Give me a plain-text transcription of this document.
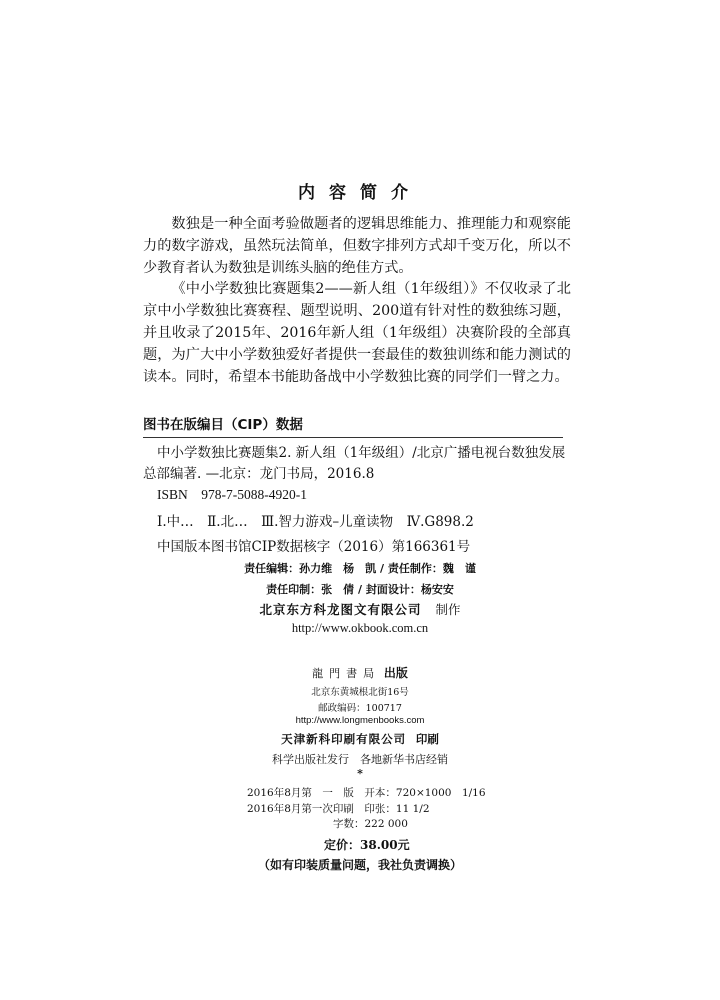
内容简介

数独是一种全面考验做题者的逻辑思维能力、推理能力和观察能力的数字游戏，虽然玩法简单，但数字排列方式却千变万化，所以不少教育者认为数独是训练头脑的绝佳方式。

《中小学数独比赛题集2——新人组（1年级组）》不仅收录了北京中小学数独比赛赛程、题型说明、200道有针对性的数独练习题，并且收录了2015年、2016年新人组（1年级组）决赛阶段的全部真题，为广大中小学数独爱好者提供一套最佳的数独训练和能力测试的读本。同时，希望本书能助备战中小学数独比赛的同学们一臂之力。

图书在版编目（CIP）数据
中小学数独比赛题集2. 新人组（1年级组）/北京广播电视台数独发展
总部编著. —北京：龙门书局，2016.8
ISBN　978-7-5088-4920-1
Ⅰ.中…　Ⅱ.北…　Ⅲ.智力游戏–儿童读物　Ⅳ.G898.2
中国版本图书馆CIP数据核字（2016）第166361号
责任编辑：孙力维　杨　凯 / 责任制作：魏　谨
责任印制：张　倩 / 封面设计：杨安安
北京东方科龙图文有限公司 制作
http://www.okbook.com.cn
龍門書局 出版
北京东黄城根北街16号
邮政编码：100717
http://www.longmenbooks.com
天津新科印刷有限公司 印刷
科学出版社发行　各地新华书店经销
*
2016年8月第　一　版　开本：720×1000　1/16
2016年8月第一次印刷　印张：11 1/2
字数：222 000
定价：38.00元
（如有印装质量问题，我社负责调换）
